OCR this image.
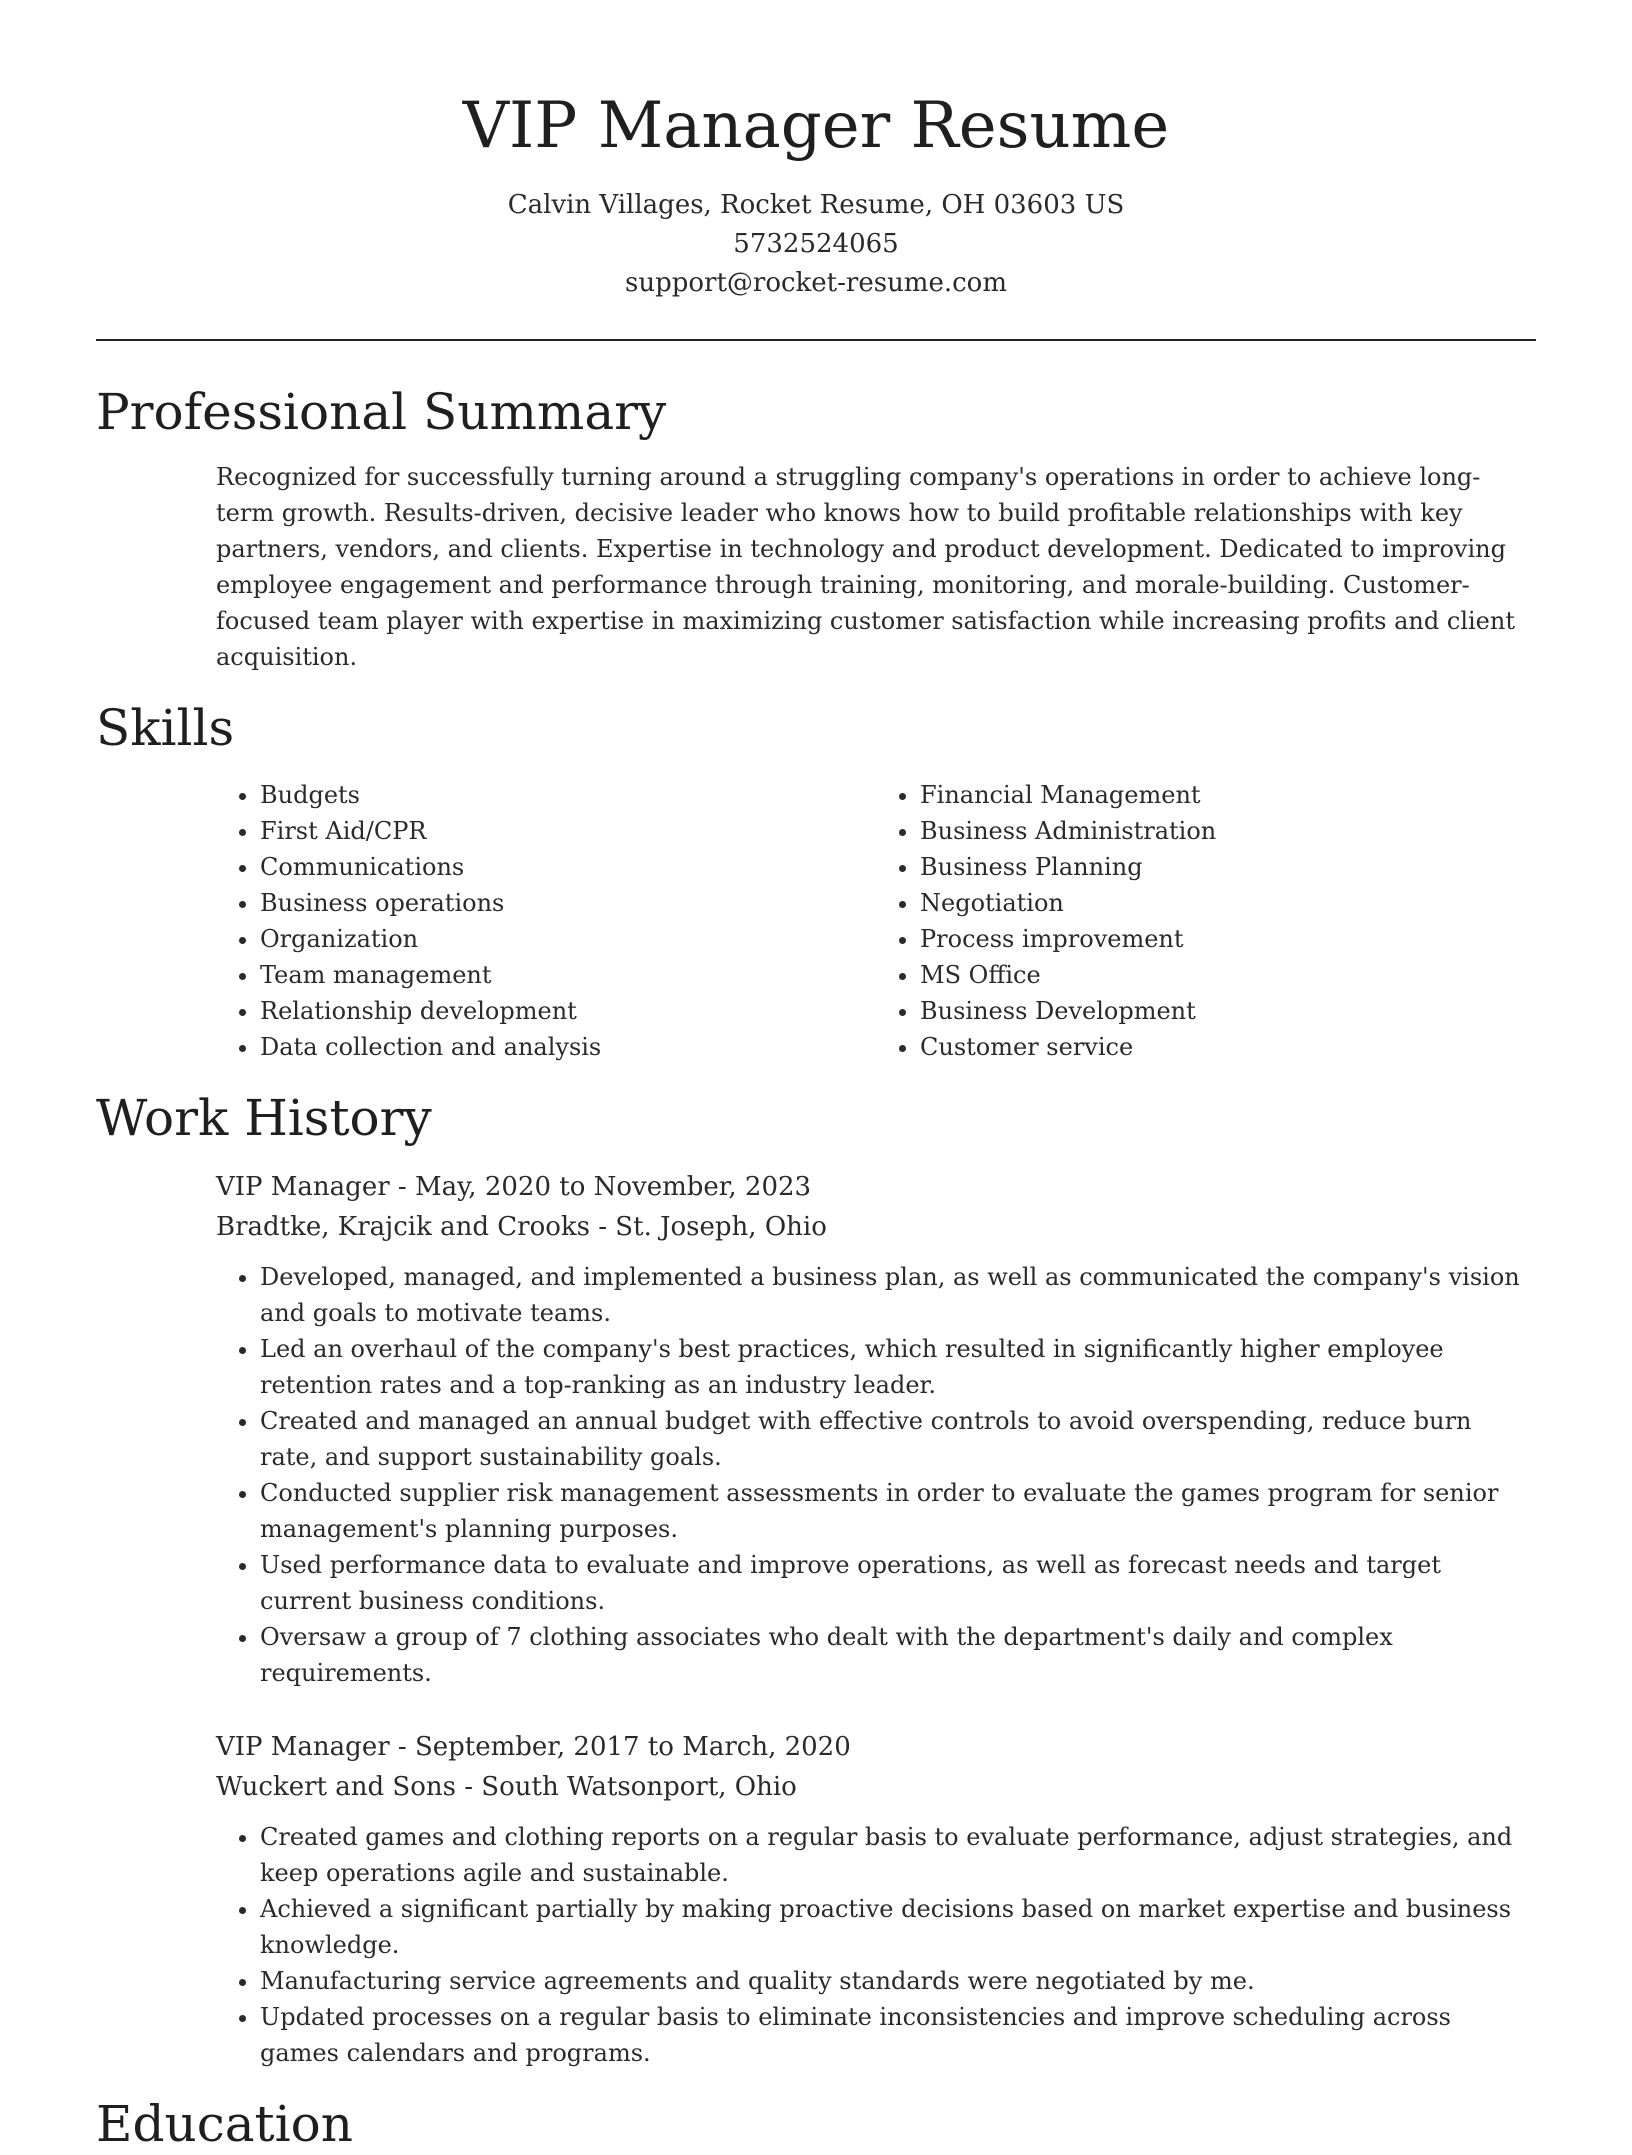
VIP Manager Resume
Calvin Villages, Rocket Resume, OH 03603 US
5732524065
support@rocket-resume.com
Professional Summary

Recognized for successfully turning around a struggling company's operations in order to achieve long-term growth. Results-driven, decisive leader who knows how to build profitable relationships with key partners, vendors, and clients. Expertise in technology and product development. Dedicated to improving employee engagement and performance through training, monitoring, and morale-building. Customer-focused team player with expertise in maximizing customer satisfaction while increasing profits and client acquisition.

Skills
• Budgets
• First Aid/CPR
• Communications
• Business operations
• Organization
• Team management
• Relationship development
• Data collection and analysis
• Financial Management
• Business Administration
• Business Planning
• Negotiation
• Process improvement
• MS Office
• Business Development
• Customer service
Work History
VIP Manager - May, 2020 to November, 2023
Bradtke, Krajcik and Crooks - St. Joseph, Ohio
• Developed, managed, and implemented a business plan, as well as communicated the company's vision and goals to motivate teams.
• Led an overhaul of the company's best practices, which resulted in significantly higher employee retention rates and a top-ranking as an industry leader.
• Created and managed an annual budget with effective controls to avoid overspending, reduce burn rate, and support sustainability goals.
• Conducted supplier risk management assessments in order to evaluate the games program for senior management's planning purposes.
• Used performance data to evaluate and improve operations, as well as forecast needs and target current business conditions.
• Oversaw a group of 7 clothing associates who dealt with the department's daily and complex requirements.
VIP Manager - September, 2017 to March, 2020
Wuckert and Sons - South Watsonport, Ohio
• Created games and clothing reports on a regular basis to evaluate performance, adjust strategies, and keep operations agile and sustainable.
• Achieved a significant partially by making proactive decisions based on market expertise and business knowledge.
• Manufacturing service agreements and quality standards were negotiated by me.
• Updated processes on a regular basis to eliminate inconsistencies and improve scheduling across games calendars and programs.
Education
